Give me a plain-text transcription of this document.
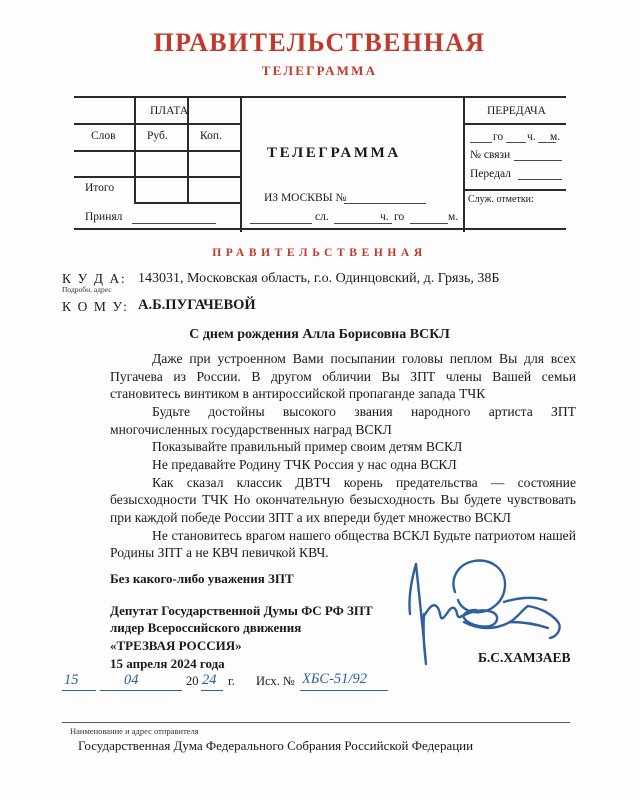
ПРАВИТЕЛЬСТВЕННАЯ
ТЕЛЕГРАММА
ПЛАТА
Слов	Руб.	Коп.
Итого
Принял
ТЕЛЕГРАММА
ИЗ МОСКВЫ №
сл.	го
ч.	м.
ПЕРЕДАЧА
го ч. м.
№ связи
Передал
Служ. отметки:
ПРАВИТЕЛЬСТВЕННАЯ
К У Д А: 143031, Московская область, г.о. Одинцовский, д. Грязь, 38Б
Подробн. адрес
К О М У: А.Б.ПУГАЧЕВОЙ
С днем рождения Алла Борисовна ВСКЛ

Даже при устроенном Вами посыпании головы пеплом Вы для всех Пугачева из России. В другом обличии Вы ЗПТ члены Вашей семьи становитесь винтиком в антироссийской пропаганде запада ТЧК

Будьте достойны высокого звания народного артиста ЗПТ многочисленных государственных наград ВСКЛ

Показывайте правильный пример своим детям ВСКЛ

Не предавайте Родину ТЧК Россия у нас одна ВСКЛ

Как сказал классик ДВТЧ корень предательства — состояние безысходности ТЧК Но окончательную безысходность Вы будете чувствовать при каждой победе России ЗПТ а их впереди будет множество ВСКЛ

Не становитесь врагом нашего общества ВСКЛ Будьте патриотом нашей Родины ЗПТ а не КВЧ певичкой КВЧ.

Без какого-либо уважения ЗПТ
Депутат Государственной Думы ФС РФ ЗПТ
лидер Всероссийского движения
«ТРЕЗВАЯ РОССИЯ»
15 апреля 2024 года	Б.С.ХАМЗАЕВ
15	04	20 24 г. Исх. № ХБС-51/92
Наименование и адрес отправителя
Государственная Дума Федерального Собрания Российской Федерации
